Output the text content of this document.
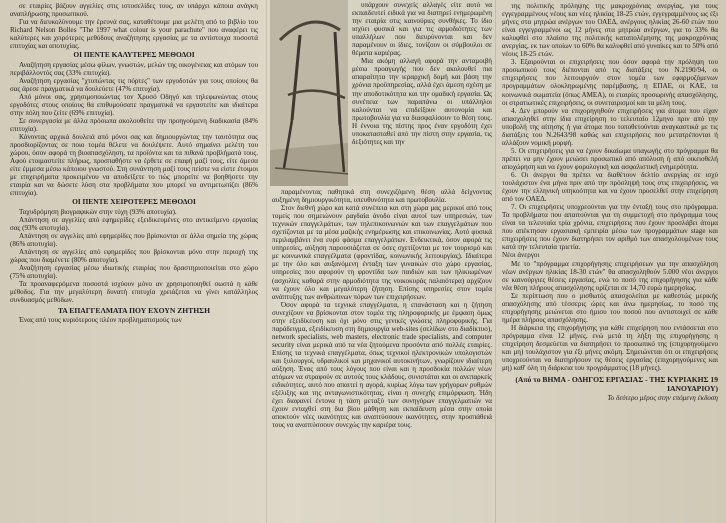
σε εταιρίες βάζουν αγγελίες στις ιστοσελίδες τους, αν υπάρχει κάποια ανάγκη αναπλήρωσης προσωπικού.

Για να διευκολύνουμε την έρευνά σας, καταθέτουμε μια μελέτη από το βιβλίο του Richard Nelson Bolles "The 1997 what colour is your parachute" που αναφέρει τις καλύτερες και χειρότερες μεθόδους αναζήτησης εργασίας με τα αντίστοιχα ποσοστά επιτυχίας και αποτυχίας.

ΟΙ ΠΕΝΤΕ ΚΑΛΥΤΕΡΕΣ ΜΕΘΟΔΟΙ

Αναζήτηση εργασίας μέσω φίλων, γνωστών, μελών της οικογένειας και ατόμων του περιβάλλοντός σας (33% επιτυχία).

Αναζήτηση εργασίας "χτυπώντας τις πόρτες" των εργοδοτών για τους οποίους θα σας άρεσε πραγματικά να δουλεύετε (47% επιτυχία).

Από μόνοι σας, χρησιμοποιώντας τον Χρυσό Οδηγό και τηλεφωνώντας στους εργοδότες στους οποίους θα επιθυμούσατε πραγματικά να εργαστείτε και ιδιαίτερα στην πόλη που ζείτε (69% επιτυχία).

Σε συνεργασία με άλλα πρόσωπα ακολουθείτε την προηγούμενη διαδικασία (84% επιτυχία).

Κάνοντας αρχικά δουλειά από μόνοι σας και δημιουργώντας την ταυτότητα σας προσδιορίζοντας σε ποιο τομέα θέλετε να δουλέψετε. Αυτό σημαίνει μελέτη του χώρου, όσον αφορά τη βιοαπασχόληση, τα προϊόντα και τα πιθανά προβλήματά τους. Αφού ετοιμαστείτε πλήρως, προσπαθήστε να έρθετε σε επαφή μαζί τους, είτε άμεσα είτε έμμεσα μέσω κάποιου γνωστού. Στη συνάντηση μαζί τους πείστε να είστε έτοιμοι με επιχειρήματα προκειμένου να αποδείξετε το πώς μπορείτε να βοηθήσετε την εταιρία και να δώσετε λύση στα προβλήματα που μπορεί να αντιμετωπίζει (86% επιτυχία).

ΟΙ ΠΕΝΤΕ ΧΕΙΡΟΤΕΡΕΣ ΜΕΘΟΔΟΙ

Ταχυδρόμηση βιογραφικών στην τύχη (93% αποτυχία).

Απάντηση σε αγγελίες από εφημερίδες εξειδικευμένες στο αντικείμενο εργασίας σας (93% αποτυχία).

Απάντηση σε αγγελίες από εφημερίδες που βρίσκονται σε άλλα σημεία της χώρας (86% αποτυχία).

Απάντηση σε αγγελίες από εφημερίδες που βρίσκονται μόνο στην περιοχή της χώρας που διαμένετε (80% αποτυχία).

Αναζήτηση εργασίας μέσω ιδιωτικής εταιρίας που δραστηριοποιείται στο χώρο (75% αποτυχία).

Τα προαναφερόμενα ποσοστά ισχύουν μόνο αν χρησιμοποιηθεί σωστά η κάθε μέθοδος. Για την μεγαλύτερη δυνατή επιτυχία χρειάζεται να γίνει κατάλληλος συνδυασμός μεθόδων.

ΤΑ ΕΠΑΓΓΕΛΜΑΤΑ ΠΟΥ ΕΧΟΥΝ ΖΗΤΗΣΗ

Ένας από τους κυριότερους πλέον προβληματισμούς των

υπάρχουν συνεχείς αλλαγές είτε αυτό να εκπαιδευτεί ειδικά για να διατηρεί ενημερωμένη την εταιρία στις καινούριες συνθήκες. Το ίδιο ισχύει φυσικά και για τις αρμοδιότητες των υπαλλήλων που διευρύνονται και δεν παραμένουν οι ίδιες, τονίζουν οι σύμβουλοι σε θέματα καριέρας.

Μια ακόμη αλλαγή αφορά την ανταμοιβή μέσω προαγωγής που δεν ακολουθεί πια απαραίτητα την ιεραρχική δομή και βάση την χρόνια προϋπηρεσίας, αλλά έχει άμεση σχέση με την αποδοτικότητα και την ομαδική εργασία. Ως συνέπεια των παραπάνω οι υπάλληλοι καλούνται να επιδείξουν αυτονομία και πρωτοβουλία για να διασφαλίσουν το θέση τους. Η έννοια της πίστης προς έναν εργοδότη έχει υποκατασταθεί από την πίστη στην εργασία, τις δεξιότητες και την

παραμένοντας παθητικά στη συνεχιζόμενη θέση αλλά δείχνοντας αυξημένη δημιουργικότητα, υπευθυνότητα και πρωτοβουλία.

Στον διεθνή χώρο και κατά συνέπεια και στη χώρα μας μερικοί από τους τομείς που σημειώνουν ραγδαία άνοδο είναι αυτοί των υπηρεσιών, των τεχνικών επαγγελμάτων, των τηλεπικοινωνιών και των επαγγελμάτων που σχετίζονται με τα μέσα μαζικής ενημέρωσης και επικοινωνίας. Αυτό φυσικά περιλαμβάνει ένα ευρύ φάσμα επαγγελμάτων. Ενδεικτικά, όσον αφορά τις υπηρεσίες, αύξηση παρουσιάζεται σε όσες σχετίζονται με τον τουρισμό και με κοινωνικά επαγγέλματα (φροντίδας, κοινωνικής λειτουργίας). Ιδιαίτερα με την όλο και αυξανόμενη ένταξη των γυναικών στο χώρο εργασίας, υπηρεσίες που αφορούν τη φροντίδα των παιδιών και των ηλικιωμένων (ασχολίες καθαρά στην αρμοδιότητα της νοικοκυράς παλαιότερα) αρχίζουν να έχουν όλο και μεγαλύτερη ζήτηση. Επίσης υπηρεσίες στον τομέα ανάπτυξης των ανθρώπινων πόρων των επιχειρήσεων.

Όσον αφορά τα τεχνικά επαγγέλματα, η επανάσταση και η ζήτηση συνεχίζουν να βρίσκονται στον τομέα της πληροφορικής με έμφαση όμως στην εξειδίκευση και όχι μόνο στις γενικές γνώσεις πληροφορικής. Για παράδειγμα, εξειδίκευση στη δημιουργία web-sites (σελίδων στο διαδίκτυο), network specialists, web masters, electronic trade specialists, and computer security είναι μερικά από τα νέα ζητούμενα προσόντα από πολλές εταιρίες. Επίσης τα τεχνικά επαγγέλματα, όπως τεχνικοί ηλεκτρονικών υπολογιστών και ξυλουργοί, υδραυλικοί και μηχανικοί αυτοκινήτων, γνωρίζουν ιδιαίτερη αύξηση. Ένας από τους λόγους που είναι και η προσδοκία πολλών νέων ατόμων να στραφούν σε αυτούς τους κλάδους, συνιστάται και οι ανεπαρκείς ειδικότητες, αυτό που απαιτεί η αγορά, κυρίως λόγω των γρήγορων ρυθμών εξέλιξης και της ανταγωνιστικότητας, είναι η συνεχής επιμόρφωση. Ήδη έχει διαφανεί έντονα η τάση μεταξύ των συνηγόρων επαγγελματιών να έχουν ενταχθεί στη δια βίου μάθηση και εκπαίδευση μέσα στην οποία αποκτούν νέες ικανότητες και αναπτύσσουν ικανότητες, στην προσπάθειά τους να αναπτύσσουν συνεχώς την καριέρα τους.

της πολιτικής πρόληψης της μακροχρόνιας ανεργίας, για τους εγγεγραμμένους νέους και νέες ηλικίας 18-25 ετών, εγγεγραμμένους ως έξι μήνες στα μητρώα ανέργων του ΟΑΕΔ, ανέργους ηλικίας 26-60 ετών που είναι εγγεγραμμένοι ως 12 μήνες στα μητρώα ανέργων, για το 33% θα καλυφθεί στο πλαίσιο της πολιτικής καταπολέμησης της μακροχρόνιας ανεργίας, εκ των οποίων το 60% θα καλυφθεί από γυναίκες και το 50% από νέους 18-25 ετών.

3. Εξαιρούνται οι επιχειρήσεις που όσον αφορά την πρόληψη του προσωπικού τους διέπονται από τις διατάξεις του Ν.2190/94, οι επιχειρήσεις που λειτουργούν στον τομέα των εφαρμοζόμενων προγραμμάτων ολοκληρωμένης παρέμβασης, η ΕΠΑΕ, οι ΚΑΕ, τα κοινωνικά σωματεία (όπως ΑΜΕΑ), οι εταιρίες προσωρινής απασχόλησης, οι στρατιωτικές επιχειρήσεις, οι συνεταιρισμοί και τα μέλη τους.

4. Δεν μπορούν να επιχορηγηθούν επιχειρήσεις για άτομα που είχαν απασχοληθεί στην ίδια επιχείρηση το τελευταίο 12μηνο πριν από την υποβολή της αίτησης ή για άτομα που τοποθετούνται αναγκαστικά με τις διατάξεις του Ν.2643/98 καθώς και επιχειρήσεις που μετατρέπονται ή αλλάζουν νομική μορφή.

5. Οι επιχειρήσεις για να έχουν δικαίωμα υπαγωγής στο πρόγραμμα θα πρέπει να μην έχουν μειώσει προσωπικό από απόλυση ή από οικειοθελή αποχώρηση και να έχουν φορολογική και ασφαλιστική ενημερότητα.

6. Οι άνεργοι θα πρέπει να διαθέτουν δελτίο ανεργίας σε ισχύ τουλάχιστον ένα μήνα πριν από την πρόσληψή τους στις επιχειρήσεις, να έχουν την ελληνική υπηκοότητα και να έχουν προσελθεί στην επιχείρηση από τον ΟΑΕΔ.

7. Οι επιχειρήσεις υποχρεούνται για την ένταξή τους στο πρόγραμμα. Τα προβλήματα που απαιτούνται για τη συμμετοχή στο πρόγραμμα τους είναι τα τελευταία τρία χρόνια, επιχειρήσεις που έχουν προσλάβει άτομα που απέκτησαν εργασιακή εμπειρία μέσω των προγραμμάτων stage και επιχειρήσεις που έχουν διατηρήσει τον αριθμό των απασχολουμένων τους κατά την τελευταία τριετία.

Νέοι άνεργοι

Με το "πρόγραμμα επιχορήγησης επιχειρήσεων για την απασχόληση νέων ανέργων ηλικίας 18-30 ετών" θα απασχοληθούν 5.000 νέοι άνεργοι σε καινούργιες θέσεις εργασίας, ενώ το ποσό της επιχορήγησης για κάθε νέα θέση πλήρους απασχόλησης ορίζεται σε 14,70 ευρώ ημερησίως.

Σε περίπτωση που ο μισθωτός απασχολείται με καθεστώς μερικής απασχόλησης από τέσσερις ώρες και άνω ημερησίως, το ποσό της επιχορήγησης μειώνεται στο ήμισυ του ποσού που αντιστοιχεί σε κάθε ημέρα πλήρους απασχόλησης.

Η διάρκεια της επιχορήγησης για κάθε επιχείρηση που εντάσσεται στο πρόγραμμα είναι 12 μήνες, ενώ μετά τη λήξη της επιχορήγησης η επιχείρηση δεσμεύεται να διατηρήσει το προσωπικό της (επιχορηγούμενο και μη) τουλάχιστον για έξι μήνες ακόμη. Σημειώνεται ότι οι επιχειρήσεις υποχρεούνται να διατηρήσουν τις θέσεις εργασίας (επιχορηγούμενες και μη) καθ' όλη τη διάρκεια του προγράμματος (18 μήνες).

(Από το ΒΗΜΑ - ΟΔΗΓΟΣ ΕΡΓΑΣΙΑΣ - ΤΗΣ ΚΥΡΙΑΚΗΣ 19 ΙΑΝΟΥΑΡΙΟΥ)

Το δεύτερο μέρος στην επόμενη έκδοση
